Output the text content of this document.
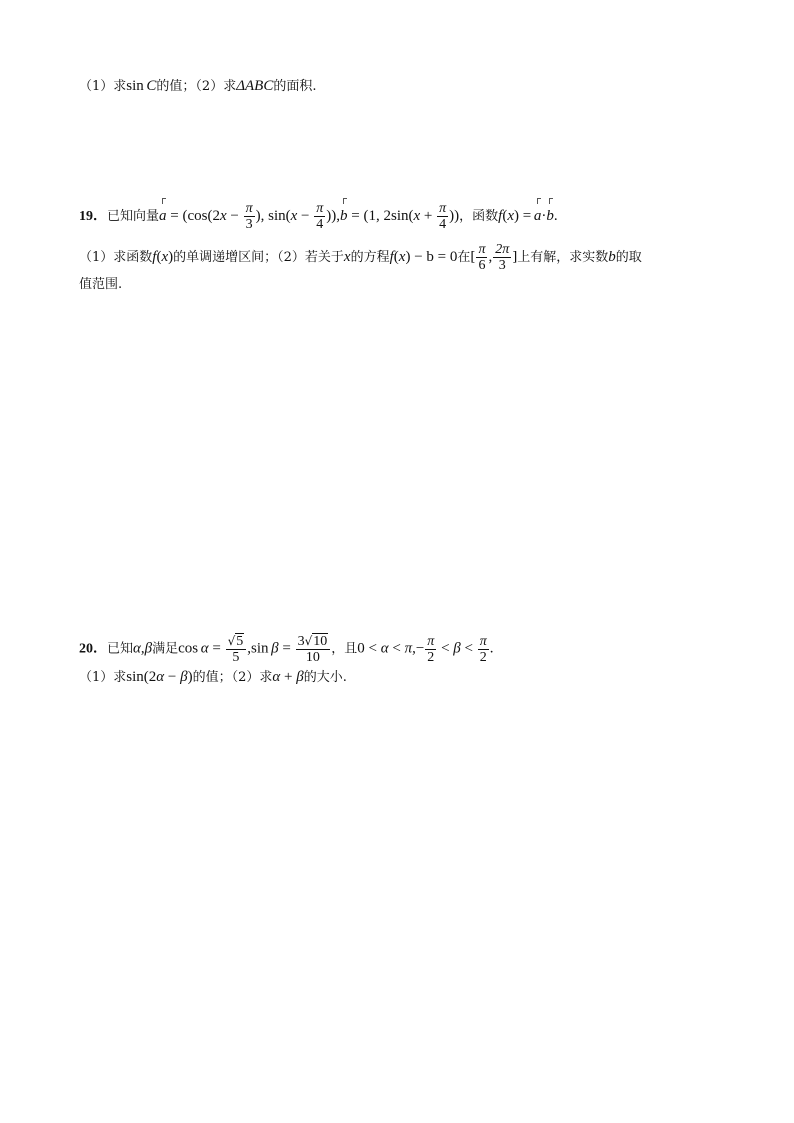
（1）求sin  C的值；（2）求ΔABC的面积.
19．已知向量$a = (\cos(2x - \frac{\pi}{3}$ ), $\sin(x - \frac{\pi}{4} )),b = (1$, $2\sin(x + \frac{\pi}{4}$ ))，函数f(x) =  a·b.
（1）求函数f(x)的单调递增区间；（2）若关于x的方程f(x) − b = 0在[ $\frac{\pi}{6}$ , $\frac{2\pi}{3}$ ]上有解，求实数b的取
值范围.
20．已知α,β满足$\cos \alpha = \frac{√5}{5} ,\sin$  $\beta = \frac{3√10}{10}$ ，且$0 < \alpha < \pi,- \frac{\pi}{2} < \beta < \frac{\pi}{2}$ .
（1）求sin(2α − β)的值；（2）求α + β的大小.
